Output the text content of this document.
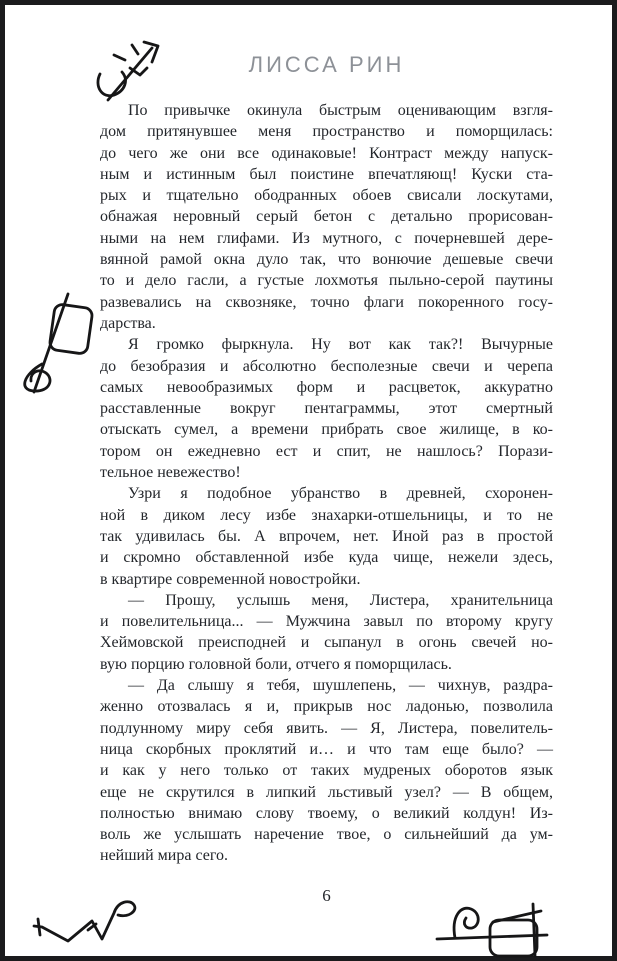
ЛИССА РИН
По привычке окинула быстрым оценивающим взгля-
дом притянувшее меня пространство и поморщилась:
до чего же они все одинаковые! Контраст между напуск-
ным и истинным был поистине впечатляющ! Куски ста-
рых и тщательно ободранных обоев свисали лоскутами,
обнажая неровный серый бетон с детально прорисован-
ными на нем глифами. Из мутного, с почерневшей дере-
вянной рамой окна дуло так, что вонючие дешевые свечи
то и дело гасли, а густые лохмотья пыльно-серой паутины
развевались на сквозняке, точно флаги покоренного госу-
дарства.
Я громко фыркнула. Ну вот как так?! Вычурные
до безобразия и абсолютно бесполезные свечи и черепа
самых невообразимых форм и расцветок, аккуратно
расставленные вокруг пентаграммы, этот смертный
отыскать сумел, а времени прибрать свое жилище, в ко-
тором он ежедневно ест и спит, не нашлось? Порази-
тельное невежество!
Узри я подобное убранство в древней, схоронен-
ной в диком лесу избе знахарки-отшельницы, и то не
так удивилась бы. А впрочем, нет. Иной раз в простой
и скромно обставленной избе куда чище, нежели здесь,
в квартире современной новостройки.
— Прошу, услышь меня, Листера, хранительница
и повелительница... — Мужчина завыл по второму кругу
Хеймовской преисподней и сыпанул в огонь свечей но-
вую порцию головной боли, отчего я поморщилась.
— Да слышу я тебя, шушлепень, — чихнув, раздра-
женно отозвалась я и, прикрыв нос ладонью, позволила
подлунному миру себя явить. — Я, Листера, повелитель-
ница скорбных проклятий и… и что там еще было? —
и как у него только от таких мудреных оборотов язык
еще не скрутился в липкий льстивый узел? — В общем,
полностью внимаю слову твоему, о великий колдун! Из-
воль же услышать наречение твое, о сильнейший да ум-
нейший мира сего.
6
